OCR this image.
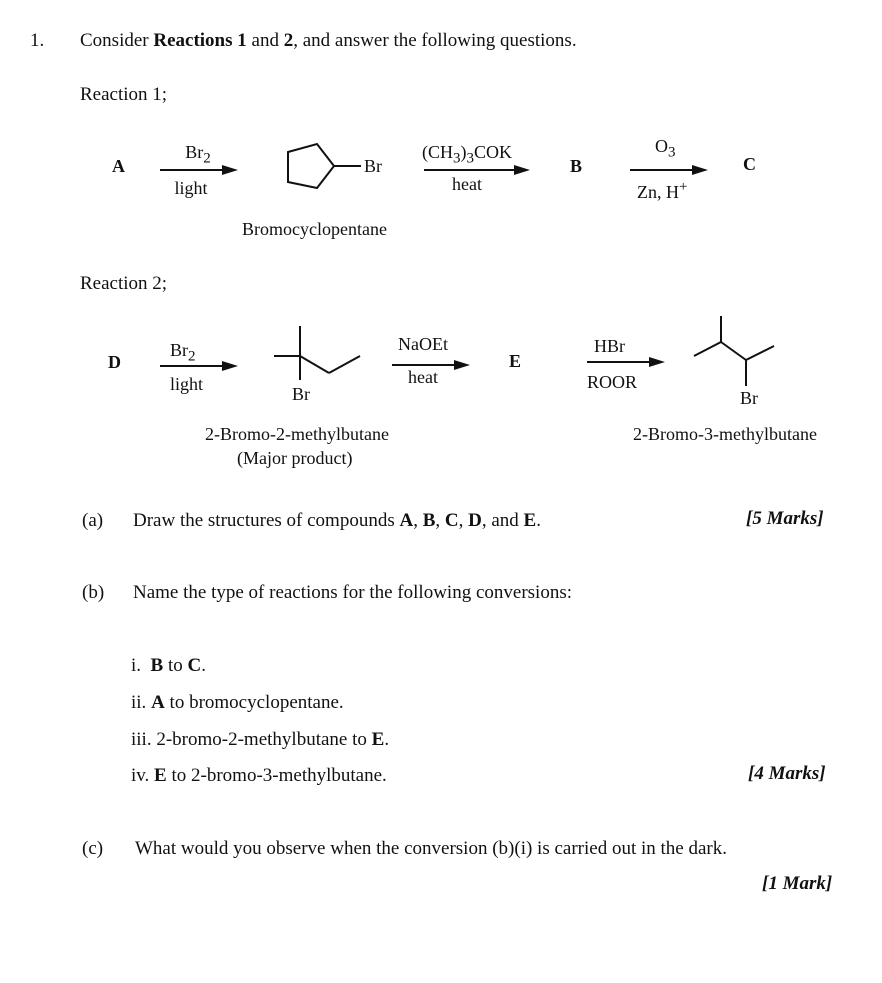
1. Consider Reactions 1 and 2, and answer the following questions.
Reaction 1;
A
$Br_2$
light
Br
Bromocyclopentane
$(CH_3)_3COK$
heat
B
$O_3$
Zn, H+
C
Reaction 2;
D
$Br_2$
light	Br
2-Bromo-2-methylbutane
(Major product)
NaOEt
heat
E
HBr
ROOR
Br
2-Bromo-3-methylbutane
(a) Draw the structures of compounds A, B, C, D, and E.	[5 Marks]
(b) Name the type of reactions for the following conversions:
i. B to C.
ii. A to bromocyclopentane.
iii. 2-bromo-2-methylbutane to E.
iv. E to 2-bromo-3-methylbutane.	[4 Marks]
(c) What would you observe when the conversion (b)(i) is carried out in the dark.
[1 Mark]
